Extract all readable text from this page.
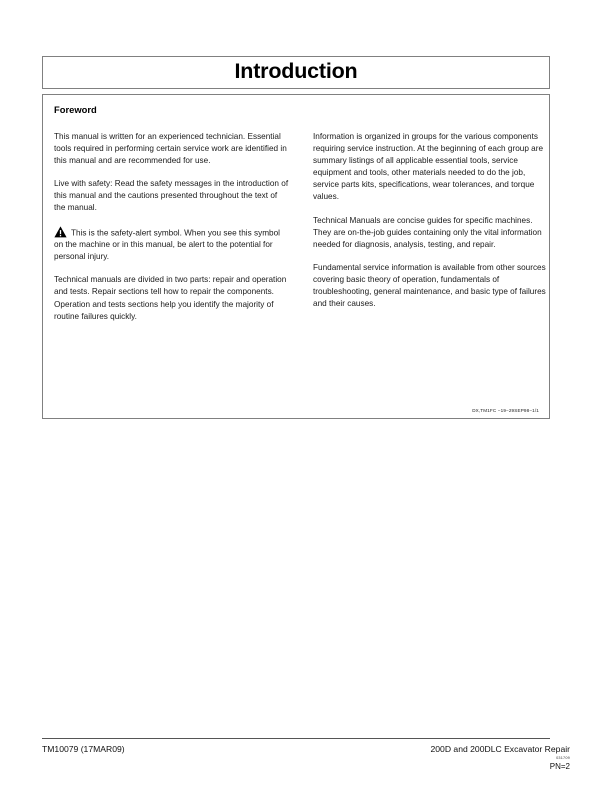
Introduction
Foreword

This manual is written for an experienced technician. Essential tools required in performing certain service work are identified in this manual and are recommended for use.

Live with safety: Read the safety messages in the introduction of this manual and the cautions presented throughout the text of the manual.

This is the safety-alert symbol. When you see this symbol on the machine or in this manual, be alert to the potential for personal injury.

Technical manuals are divided in two parts: repair and operation and tests. Repair sections tell how to repair the components. Operation and tests sections help you identify the majority of routine failures quickly.

Information is organized in groups for the various components requiring service instruction. At the beginning of each group are summary listings of all applicable essential tools, service equipment and tools, other materials needed to do the job, service parts kits, specifications, wear tolerances, and torque values.

Technical Manuals are concise guides for specific machines. They are on-the-job guides containing only the vital information needed for diagnosis, analysis, testing, and repair.

Fundamental service information is available from other sources covering basic theory of operation, fundamentals of troubleshooting, general maintenance, and basic type of failures and their causes.

DX,TM1FC −19−29SEP98−1/1
TM10079 (17MAR09)	200D and 200DLC Excavator Repair
031709
PN=2
